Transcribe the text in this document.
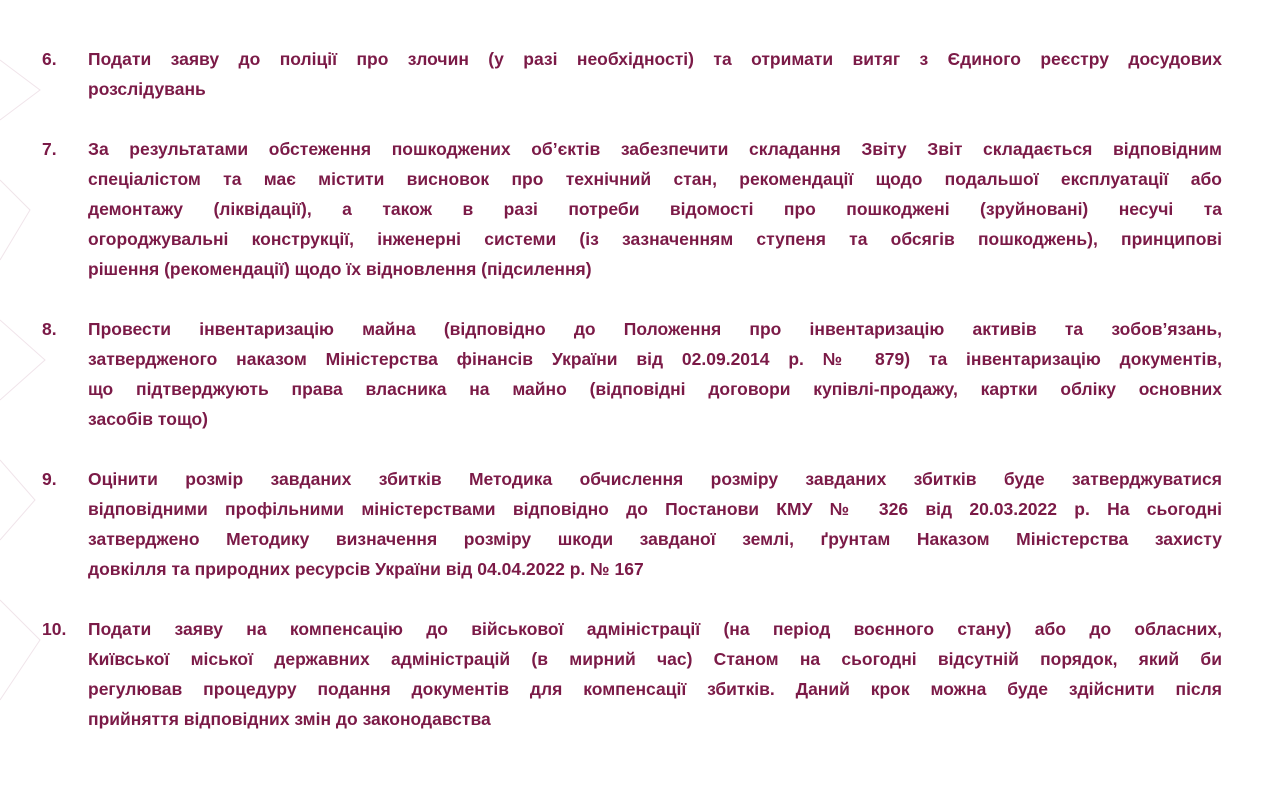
6.	Подати заяву до поліції про злочин (у разі необхідності) та отримати витяг з Єдиного реєстру досудових
розслідувань
7.	За результатами обстеження пошкоджених об’єктів забезпечити складання Звіту Звіт складається відповідним
спеціалістом та має містити висновок про технічний стан, рекомендації щодо подальшої експлуатації або
демонтажу (ліквідації), а також в разі потреби відомості про пошкоджені (зруйновані) несучі та
огороджувальні конструкції, інженерні системи (із зазначенням ступеня та обсягів пошкоджень), принципові
рішення (рекомендації) щодо їх відновлення (підсилення)
8.	Провести інвентаризацію майна (відповідно до Положення про інвентаризацію активів та зобов’язань,
затвердженого наказом Міністерства фінансів України від 02.09.2014 р. № 879) та інвентаризацію документів,
що підтверджують права власника на майно (відповідні договори купівлі-продажу, картки обліку основних
засобів тощо)
9.	Оцінити розмір завданих збитків Методика обчислення розміру завданих збитків буде затверджуватися
відповідними профільними міністерствами відповідно до Постанови КМУ № 326 від 20.03.2022 р. На сьогодні
затверджено Методику визначення розміру шкоди завданої землі, ґрунтам Наказом Міністерства захисту
довкілля та природних ресурсів України від 04.04.2022 р. № 167
10.	Подати заяву на компенсацію до військової адміністрації (на період воєнного стану) або до обласних,
Київської міської державних адміністрацій (в мирний час) Станом на сьогодні відсутній порядок, який би
регулював процедуру подання документів для компенсації збитків. Даний крок можна буде здійснити після
прийняття відповідних змін до законодавства
